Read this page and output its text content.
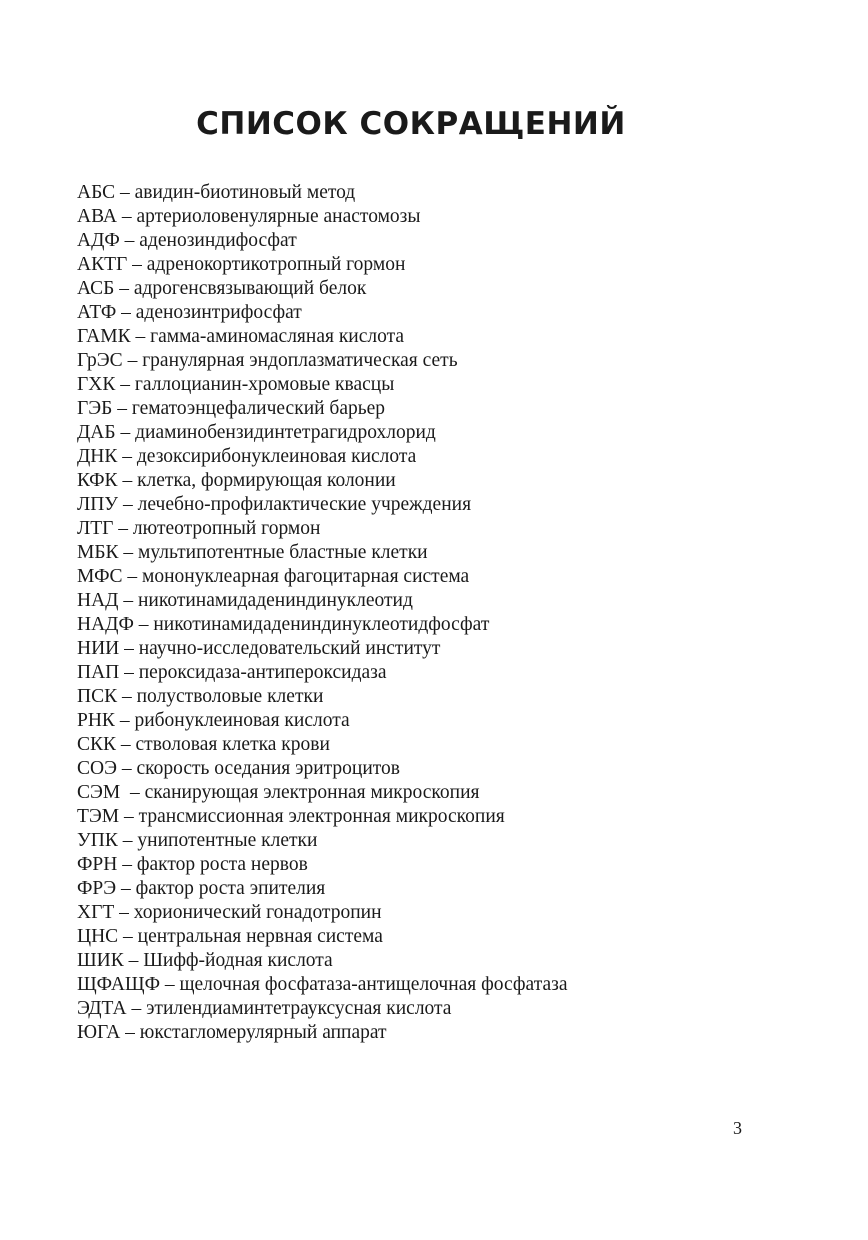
СПИСОК СОКРАЩЕНИЙ
АБС – авидин-биотиновый метод
АВА – артериоловенулярные анастомозы
АДФ – аденозиндифосфат
АКТГ – адренокортикотропный гормон
АСБ – адрогенсвязывающий белок
АТФ – аденозинтрифосфат
ГАМК – гамма-аминомасляная кислота
ГрЭС – гранулярная эндоплазматическая сеть
ГХК – галлоцианин-хромовые квасцы
ГЭБ – гематоэнцефалический барьер
ДАБ – диаминобензидинтетрагидрохлорид
ДНК – дезоксирибонуклеиновая кислота
КФК – клетка, формирующая колонии
ЛПУ – лечебно-профилактические учреждения
ЛТГ – лютеотропный гормон
МБК – мультипотентные бластные клетки
МФС – мононуклеарная фагоцитарная система
НАД – никотинамидадениндинуклеотид
НАДФ – никотинамидадениндинуклеотидфосфат
НИИ – научно-исследовательский институт
ПАП – пероксидаза-антипероксидаза
ПСК – полустволовые клетки
РНК – рибонуклеиновая кислота
СКК – стволовая клетка крови
СОЭ – скорость оседания эритроцитов
СЭМ  – сканирующая электронная микроскопия
ТЭМ – трансмиссионная электронная микроскопия
УПК – унипотентные клетки
ФРН – фактор роста нервов
ФРЭ – фактор роста эпителия
ХГТ – хорионический гонадотропин
ЦНС – центральная нервная система
ШИК – Шифф-йодная кислота
ЩФАЩФ – щелочная фосфатаза-антищелочная фосфатаза
ЭДТА – этилендиаминтетрауксусная кислота
ЮГА – юкстагломерулярный аппарат
3
